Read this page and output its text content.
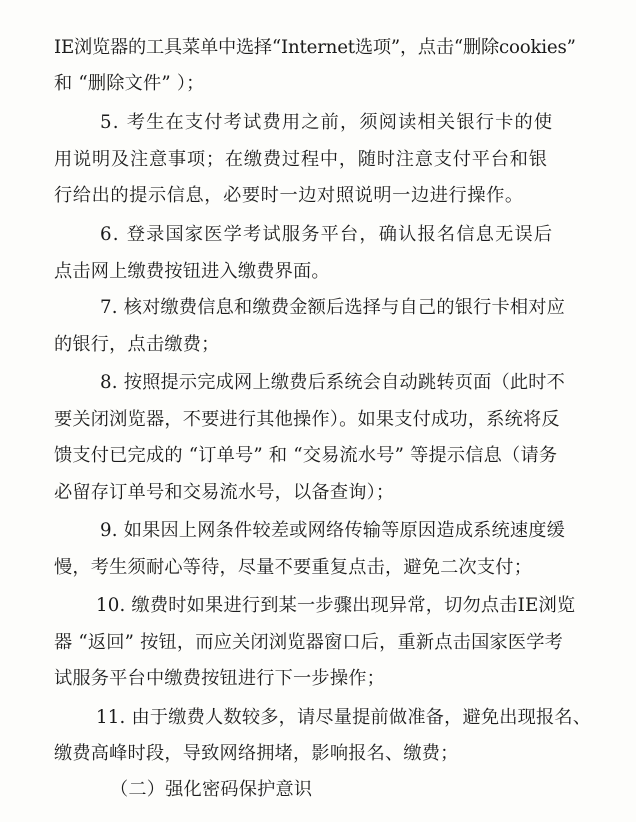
IE浏览器的工具菜单中选择“Internet选项”，点击“删除cookies”
和 “删除文件” ）；
5. 考生在支付考试费用之前，须阅读相关银行卡的使
用说明及注意事项；在缴费过程中，随时注意支付平台和银
行给出的提示信息，必要时一边对照说明一边进行操作。
6. 登录国家医学考试服务平台，确认报名信息无误后
点击网上缴费按钮进入缴费界面。
7. 核对缴费信息和缴费金额后选择与自己的银行卡相对应
的银行，点击缴费；
8. 按照提示完成网上缴费后系统会自动跳转页面（此时不
要关闭浏览器，不要进行其他操作）。如果支付成功，系统将反
馈支付已完成的 “订单号” 和 “交易流水号” 等提示信息（请务
必留存订单号和交易流水号，以备查询）；
9. 如果因上网条件较差或网络传输等原因造成系统速度缓
慢，考生须耐心等待，尽量不要重复点击，避免二次支付；
10. 缴费时如果进行到某一步骤出现异常，切勿点击IE浏览
器 “返回” 按钮，而应关闭浏览器窗口后，重新点击国家医学考
试服务平台中缴费按钮进行下一步操作；
11. 由于缴费人数较多，请尽量提前做准备，避免出现报名、
缴费高峰时段，导致网络拥堵，影响报名、缴费；
（二）强化密码保护意识
